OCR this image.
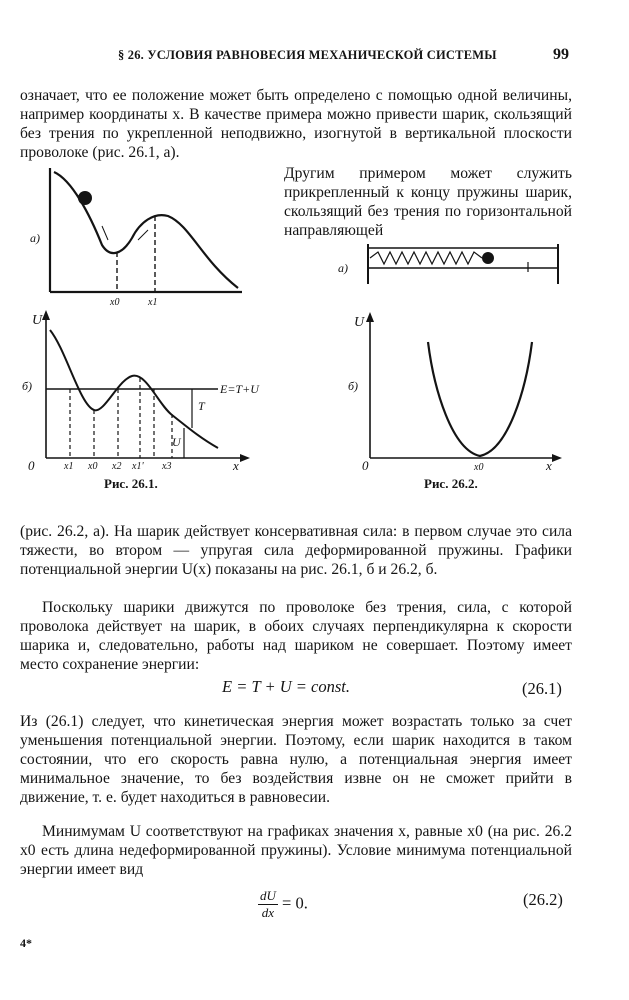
§ 26. УСЛОВИЯ РАВНОВЕСИЯ МЕХАНИЧЕСКОЙ СИСТЕМЫ	99

означает, что ее положение может быть определено с помощью одной величины, например координаты x. В качестве примера можно привести шарик, скользящий без трения по укрепленной неподвижно, изогнутой в вертикальной плоскости проволоке (рис. 26.1, а).

Другим примером может служить прикрепленный к концу пружины шарик, скользящий без трения по горизонтальной направляющей

а)
x0	x1
U
x
0
б)	E=T+U
T
U
x1 x0 x2 x1' x3
Рис. 26.1.
а)
U
б)
x
0	x0
Рис. 26.2.

(рис. 26.2, а). На шарик действует консервативная сила: в первом случае это сила тяжести, во втором — упругая сила деформированной пружины. Графики потенциальной энергии U(x) показаны на рис. 26.1, б и 26.2, б.

Поскольку шарики движутся по проволоке без трения, сила, с которой проволока действует на шарик, в обоих случаях перпендикулярна к скорости шарика и, следовательно, работы над шариком не совершает. Поэтому имеет место сохранение энергии:

E = T + U = const.	(26.1)

Из (26.1) следует, что кинетическая энергия может возрастать только за счет уменьшения потенциальной энергии. Поэтому, если шарик находится в таком состоянии, что его скорость равна нулю, а потенциальная энергия имеет минимальное значение, то без воздействия извне он не сможет прийти в движение, т. е. будет находиться в равновесии.

Минимумам U соответствуют на графиках значения x, равные x0 (на рис. 26.2 x0 есть длина недеформированной пружины). Условие минимума потенциальной энергии имеет вид

$\frac{dU}{dx} = 0$.	(26.2)
4*
